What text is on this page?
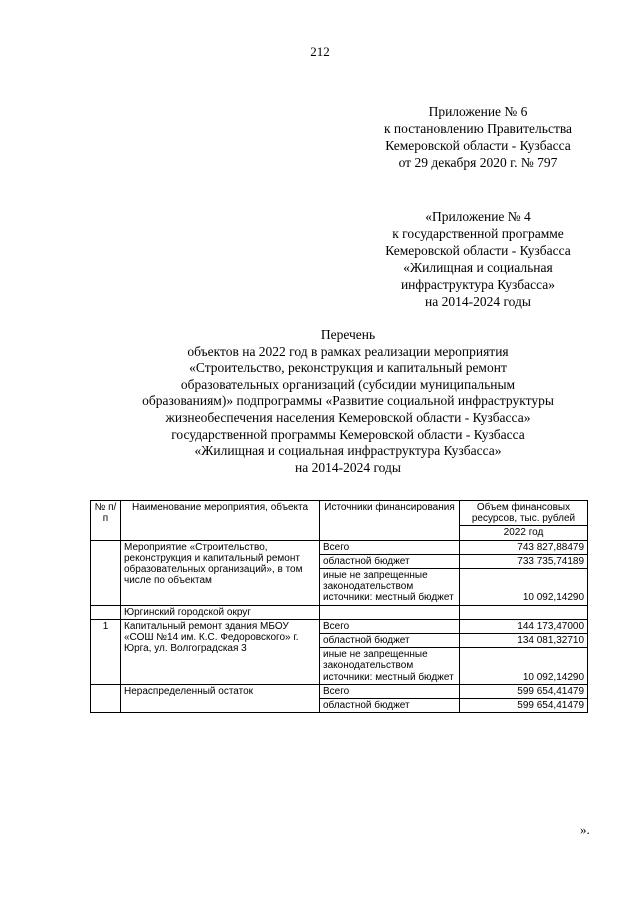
212
Приложение № 6
к постановлению Правительства
Кемеровской области - Кузбасса
от 29 декабря 2020 г. № 797
«Приложение № 4
к государственной программе
Кемеровской области - Кузбасса
«Жилищная и социальная
инфраструктура Кузбасса»
на 2014-2024 годы
Перечень
объектов на 2022 год в рамках реализации мероприятия
«Строительство, реконструкция и капитальный ремонт
образовательных организаций (субсидии муниципальным
образованиям)» подпрограммы «Развитие социальной инфраструктуры
жизнеобеспечения населения Кемеровской области - Кузбасса»
государственной программы Кемеровской области - Кузбасса
«Жилищная и социальная инфраструктура Кузбасса»
на 2014-2024 годы
№ п/п	Наименование мероприятия, объекта	Источники финансирования	Объем финансовых ресурсов, тыс. рублей
			2022 год
	Мероприятие «Строительство, реконструкция и капитальный ремонт образовательных организаций», в том числе по объектам	Всего	743 827,88479
		областной бюджет	733 735,74189
		иные не запрещенные законодательством источники: местный бюджет	10 092,14290
	Юргинский городской округ		
1	Капитальный ремонт здания МБОУ «СОШ №14 им. К.С. Федоровского» г. Юрга, ул. Волгоградская 3	Всего	144 173,47000
		областной бюджет	134 081,32710
		иные не запрещенные законодательством источники: местный бюджет	10 092,14290
	Нераспределенный остаток	Всего	599 654,41479
		областной бюджет	599 654,41479
».
